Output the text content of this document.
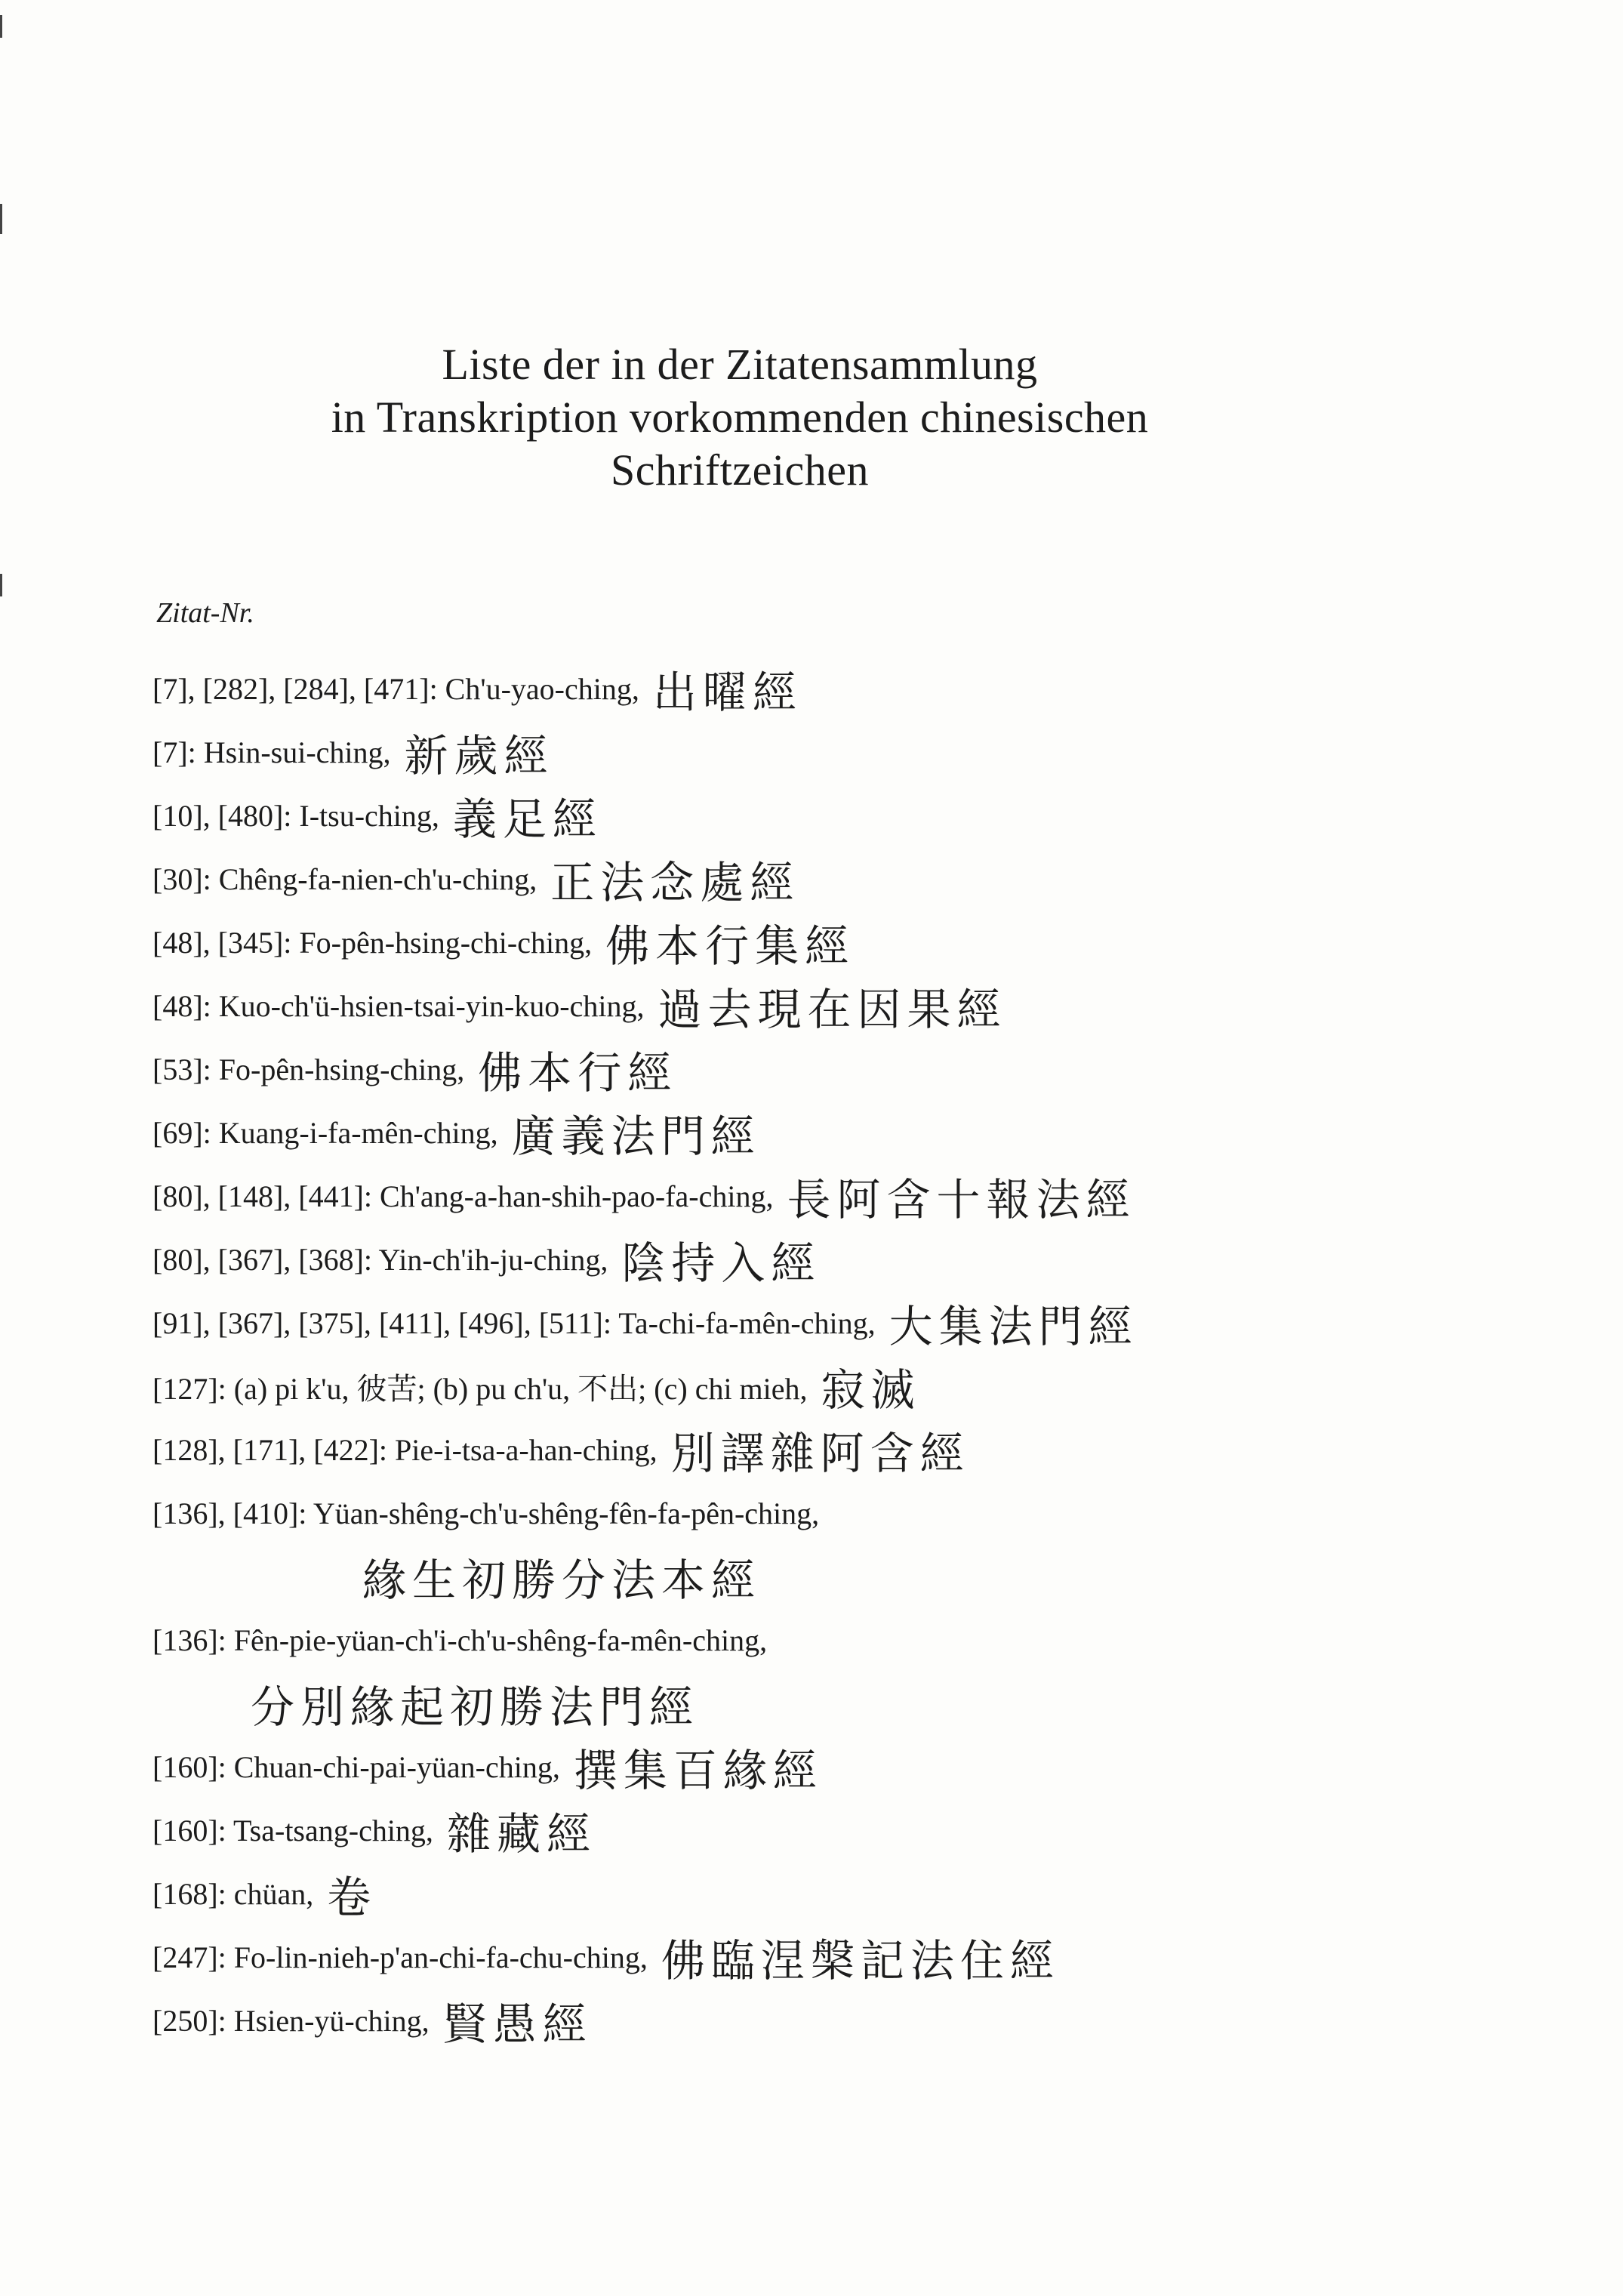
Liste der in der Zitatensammlung
in Transkription vorkommenden chinesischen
Schriftzeichen
Zitat-Nr.
[7], [282], [284], [471]: Ch'u-yao-ching, 出曜經
[7]: Hsin-sui-ching, 新歲經
[10], [480]: I-tsu-ching, 義足經
[30]: Chêng-fa-nien-ch'u-ching, 正法念處經
[48], [345]: Fo-pên-hsing-chi-ching, 佛本行集經
[48]: Kuo-ch'ü-hsien-tsai-yin-kuo-ching, 過去現在因果經
[53]: Fo-pên-hsing-ching, 佛本行經
[69]: Kuang-i-fa-mên-ching, 廣義法門經
[80], [148], [441]: Ch'ang-a-han-shih-pao-fa-ching, 長阿含十報法經
[80], [367], [368]: Yin-ch'ih-ju-ching, 陰持入經
[91], [367], [375], [411], [496], [511]: Ta-chi-fa-mên-ching, 大集法門經
[127]: (a) pi k'u, 彼苦; (b) pu ch'u, 不出; (c) chi mieh, 寂滅
[128], [171], [422]: Pie-i-tsa-a-han-ching, 別譯雜阿含經
[136], [410]: Yüan-shêng-ch'u-shêng-fên-fa-pên-ching,
緣生初勝分法本經
[136]: Fên-pie-yüan-ch'i-ch'u-shêng-fa-mên-ching,
分別緣起初勝法門經
[160]: Chuan-chi-pai-yüan-ching, 撰集百緣經
[160]: Tsa-tsang-ching, 雜藏經
[168]: chüan, 卷
[247]: Fo-lin-nieh-p'an-chi-fa-chu-ching, 佛臨涅槃記法住經
[250]: Hsien-yü-ching, 賢愚經
